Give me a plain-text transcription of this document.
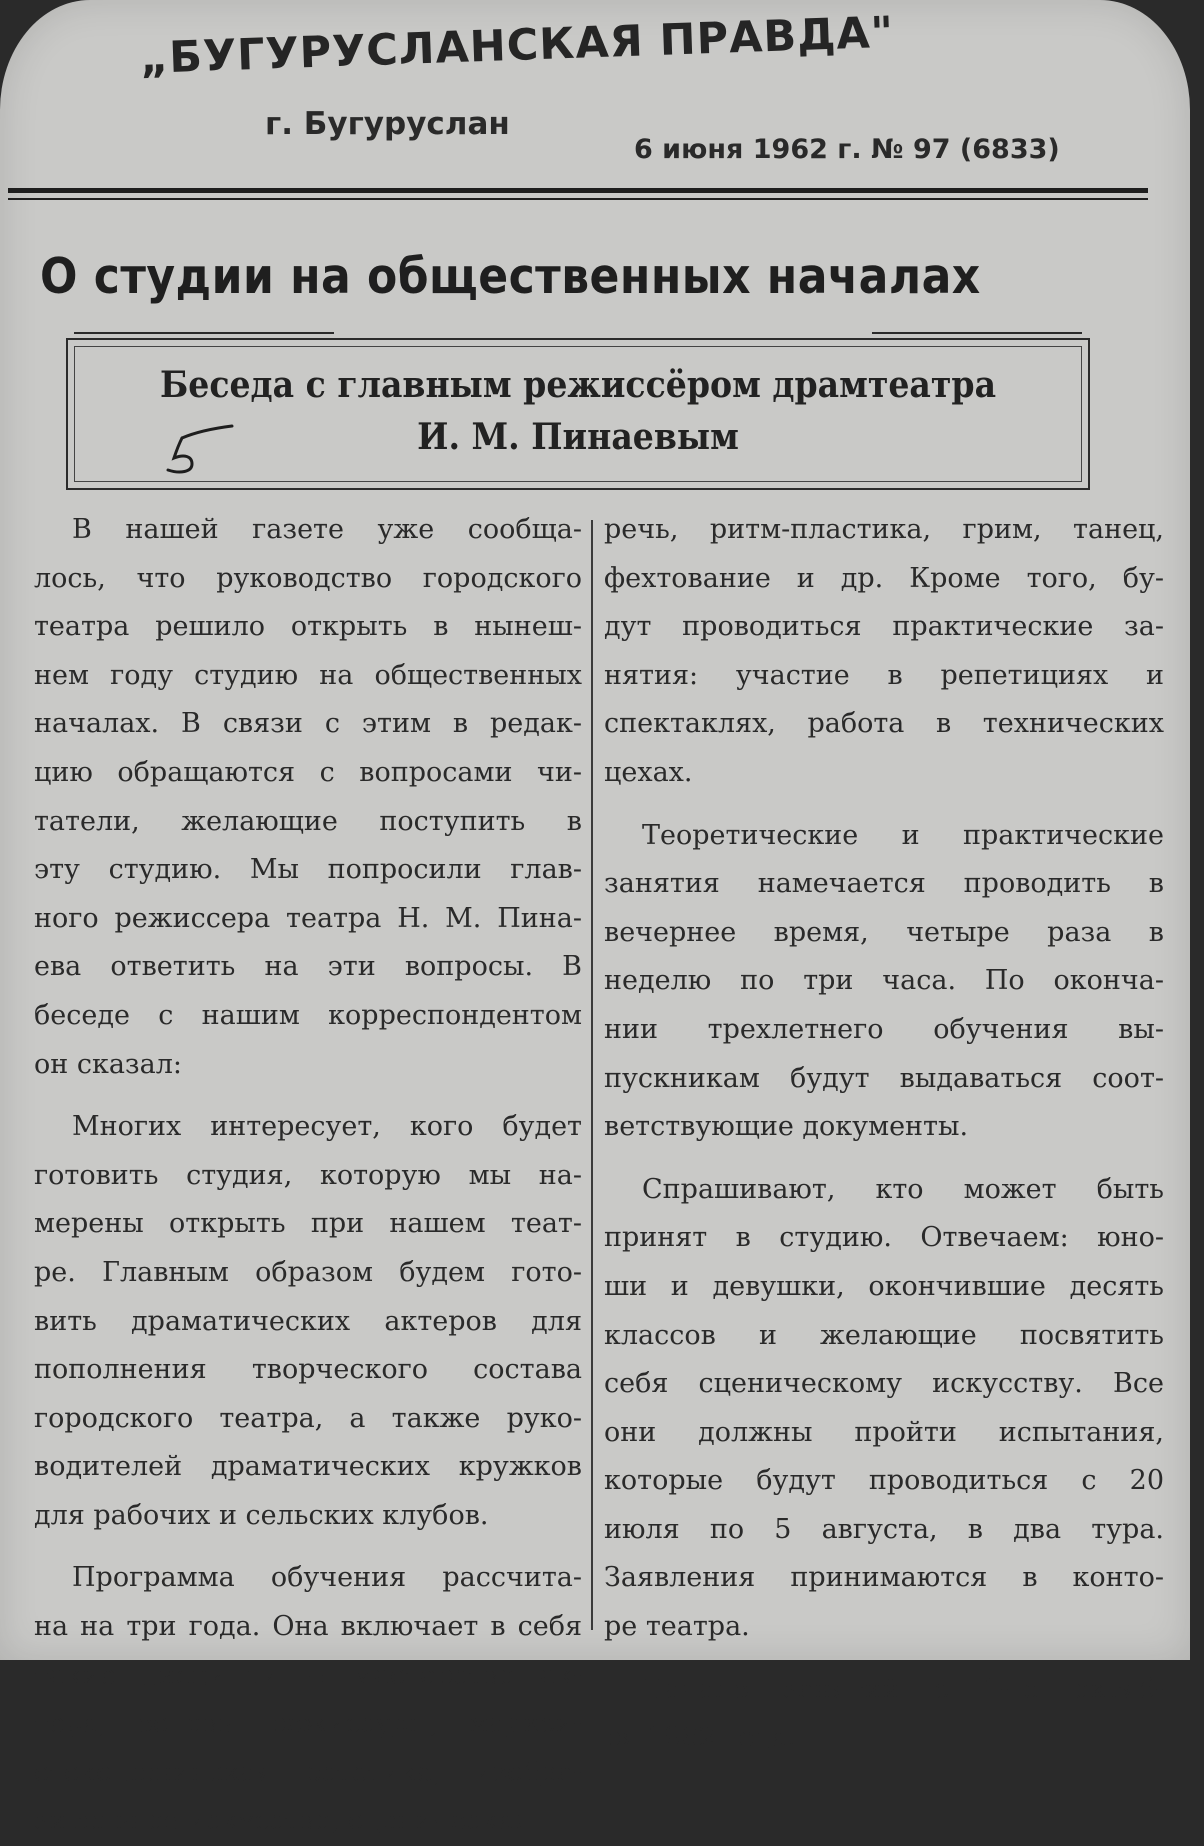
„БУГУРУСЛАНСКАЯ ПРАВДА"
г. Бугуруслан
6 июня 1962 г. № 97 (6833)
О студии на общественных началах
Беседа с главным режиссёром драмтеатра
И. М. Пинаевым
В нашей газете уже сообща-
лось, что руководство городского
театра решило открыть в нынеш-
нем году студию на общественных
началах. В связи с этим в редак-
цию обращаются с вопросами чи-
татели, желающие поступить в
эту студию. Мы попросили глав-
ного режиссера театра Н. М. Пина-
ева ответить на эти вопросы. В
беседе с нашим корреспондентом
он сказал:
Многих интересует, кого будет
готовить студия, которую мы на-
мерены открыть при нашем теат-
ре. Главным образом будем гото-
вить драматических актеров для
пополнения творческого состава
городского театра, а также руко-
водителей драматических кружков
для рабочих и сельских клубов.
Программа обучения рассчита-
на на три года. Она включает в себя
такие дисциплины: мастерство ак-
тера, основы режиссуры, маркси-
стско-ленинская эстетика, изобра-
зительное искусство, сценическая
речь, ритм-пластика, грим, танец,
фехтование и др. Кроме того, бу-
дут проводиться практические за-
нятия: участие в репетициях и
спектаклях, работа в технических
цехах.
Теоретические и практические
занятия намечается проводить в
вечернее время, четыре раза в
неделю по три часа. По оконча-
нии трехлетнего обучения вы-
пускникам будут выдаваться соот-
ветствующие документы.
Спрашивают, кто может быть
принят в студию. Отвечаем: юно-
ши и девушки, окончившие десять
классов и желающие посвятить
себя сценическому искусству. Все
они должны пройти испытания,
которые будут проводиться с 20
июля по 5 августа, в два тура.
Заявления принимаются в конто-
ре театра.
Начало занятий с 1-го октяб-
ря 1962 года.
